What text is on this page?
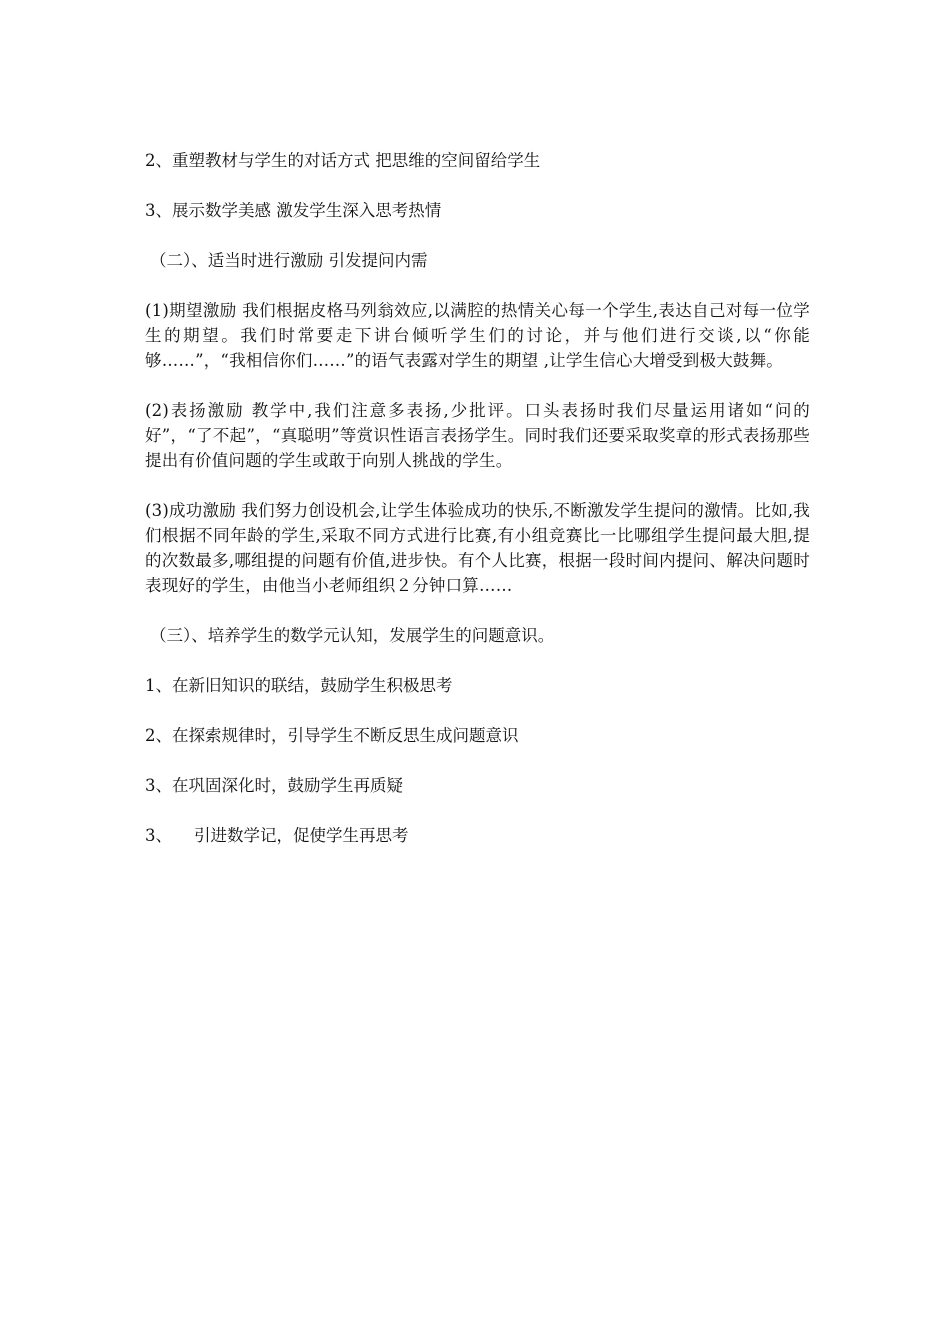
2、重塑教材与学生的对话方式 把思维的空间留给学生

3、展示数学美感 激发学生深入思考热情

（二）、适当时进行激励 引发提问内需

(1)期望激励 我们根据皮格马列翁效应,以满腔的热情关心每一个学生,表达自己对每一位学生的期望。我们时常要走下讲台倾听学生们的讨论，并与他们进行交谈,以“你能够……”，“我相信你们……”的语气表露对学生的期望 ,让学生信心大增受到极大鼓舞。

(2)表扬激励 教学中,我们注意多表扬,少批评。口头表扬时我们尽量运用诸如“问的好”，“了不起”，“真聪明”等赏识性语言表扬学生。同时我们还要采取奖章的形式表扬那些提出有价值问题的学生或敢于向别人挑战的学生。

(3)成功激励 我们努力创设机会,让学生体验成功的快乐,不断激发学生提问的激情。比如,我们根据不同年龄的学生,采取不同方式进行比赛,有小组竞赛比一比哪组学生提问最大胆,提的次数最多,哪组提的问题有价值,进步快。有个人比赛，根据一段时间内提问、解决问题时表现好的学生，由他当小老师组织２分钟口算……

（三）、培养学生的数学元认知，发展学生的问题意识。

1、在新旧知识的联结，鼓励学生积极思考

2、在探索规律时，引导学生不断反思生成问题意识

3、在巩固深化时，鼓励学生再质疑

3、 引进数学记，促使学生再思考
